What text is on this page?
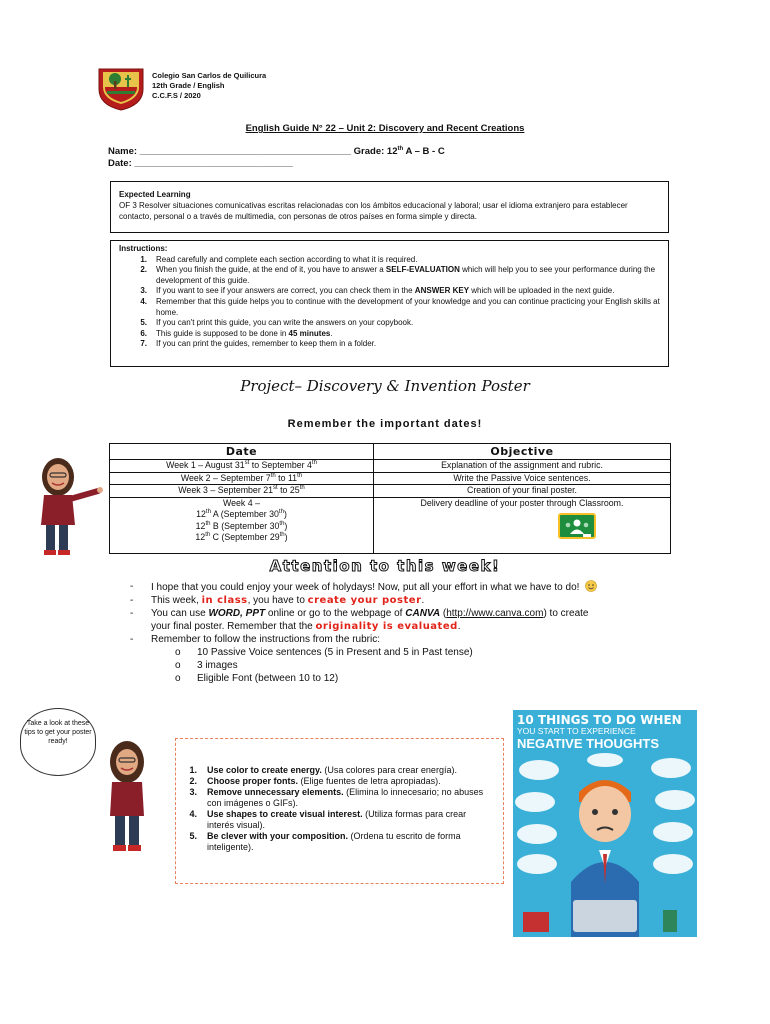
Colegio San Carlos de Quilicura
12th Grade / English
C.C.F.S / 2020
English Guide N° 22 – Unit 2: Discovery and Recent Creations
Name: ________________________________________ Grade: 12th A – B - C
Date: ______________________________
Expected Learning
OF 3 Resolver situaciones comunicativas escritas relacionadas con los ámbitos educacional y laboral; usar el idioma extranjero para establecer contacto, personal o a través de multimedia, con personas de otros países en forma simple y directa.
Instructions:
1.	Read carefully and complete each section according to what it is required.
2.	When you finish the guide, at the end of it, you have to answer a SELF-EVALUATION which will help you to see your performance during the development of this guide.
3.	If you want to see if your answers are correct, you can check them in the ANSWER KEY which will be uploaded in the next guide.
4.	Remember that this guide helps you to continue with the development of your knowledge and you can continue practicing your English skills at home.
5.	If you can't print this guide, you can write the answers on your copybook.
6.	This guide is supposed to be done in 45 minutes.
7.	If you can print the guides, remember to keep them in a folder.
Project– Discovery & Invention Poster
Remember the important dates!
Date	Objective
Week 1 – August 31st to September 4th	Explanation of the assignment and rubric.
Week 2 – September 7th to 11th	Write the Passive Voice sentences.
Week 3 – September 21st to 25th	Creation of your final poster.

Week 4 –
12th A (September 30th)
12th B (September 30th)
12th C (September 29th)	Delivery deadline of your poster through Classroom.
Attention to this week!
-	I hope that you could enjoy your week of holydays! Now, put all your effort in what we have to do!
-	This week, in class, you have to create your poster.
-	You can use WORD, PPT online or go to the webpage of CANVA (http://www.canva.com) to create
your final poster. Remember that the originality is evaluated.
-	Remember to follow the instructions from the rubric:
o	10 Passive Voice sentences (5 in Present and 5 in Past tense)
o	3 images
o	Eligible Font (between 10 to 12)
Take a look at these tips to get your poster ready!
1.	Use color to create energy. (Usa colores para crear energía).
2.	Choose proper fonts. (Elige fuentes de letra apropiadas).
3.	Remove unnecessary elements. (Elimina lo innecesario; no abuses con imágenes o GIFs).
4.	Use shapes to create visual interest. (Utiliza formas para crear interés visual).
5.	Be clever with your composition. (Ordena tu escrito de forma inteligente).
10 THINGS TO DO WHEN
YOU START TO EXPERIENCE
NEGATIVE THOUGHTS
